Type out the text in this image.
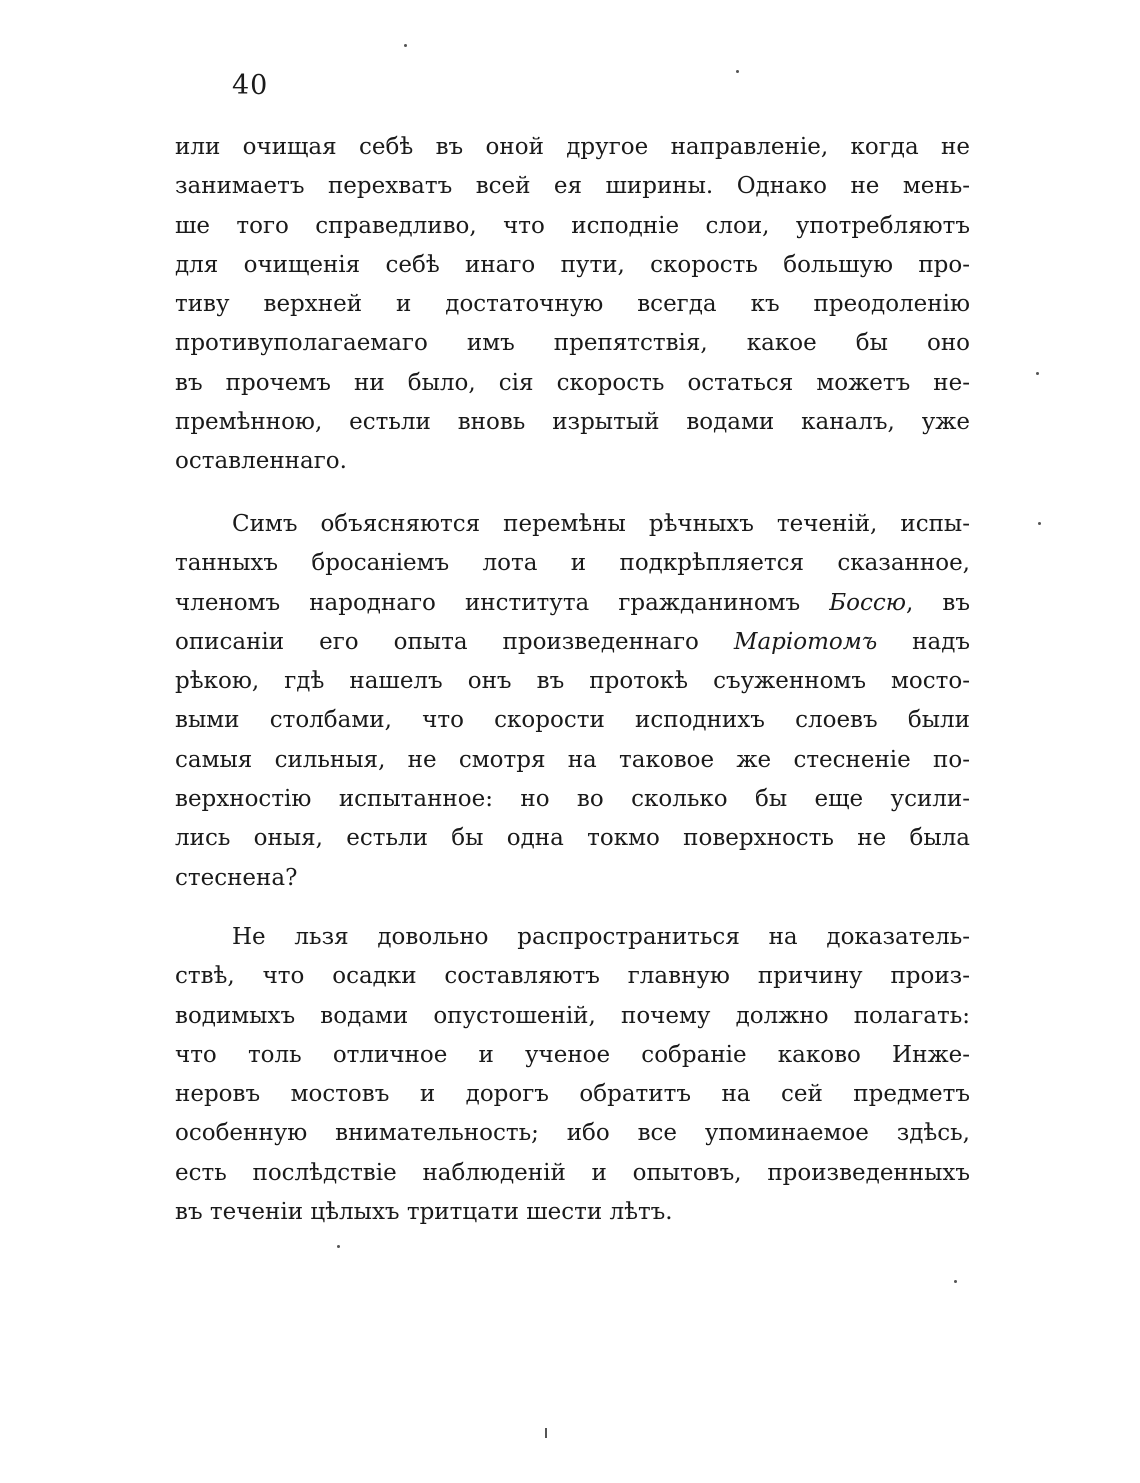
40
или очищая себѣ въ оной другое направленіе, когда не
занимаетъ перехватъ всей ея ширины. Однако не мень-
ше того справедливо, что исподніе слои, употребляютъ
для очищенія себѣ инаго пути, скорость большую про-
тиву верхней и достаточную всегда къ преодоленію
противуполагаемаго имъ препятствія, какое бы оно
въ прочемъ ни было, сія скорость остаться можетъ не-
премѣнною, естьли вновь изрытый водами каналъ, уже
оставленнаго.
Симъ объясняются перемѣны рѣчныхъ теченій, испы-
танныхъ бросаніемъ лота и подкрѣпляется сказанное,
членомъ народнаго института гражданиномъ Боссю, въ
описаніи его опыта произведеннаго Маріотомъ надъ
рѣкою, гдѣ нашелъ онъ въ протокѣ съуженномъ мосто-
выми столбами, что скорости исподнихъ слоевъ были
самыя сильныя, не смотря на таковое же стесненіе по-
верхностію испытанное: но во сколько бы еще усили-
лись оныя, естьли бы одна токмо поверхность не была
стеснена?
Не льзя довольно распространиться на доказатель-
ствѣ, что осадки составляютъ главную причину произ-
водимыхъ водами опустошеній, почему должно полагать:
что толь отличное и ученое собраніе каково Инже-
неровъ мостовъ и дорогъ обратитъ на сей предметъ
особенную внимательность; ибо все упоминаемое здѣсь,
есть послѣдствіе наблюденій и опытовъ, произведенныхъ
въ теченіи цѣлыхъ тритцати шести лѣтъ.
